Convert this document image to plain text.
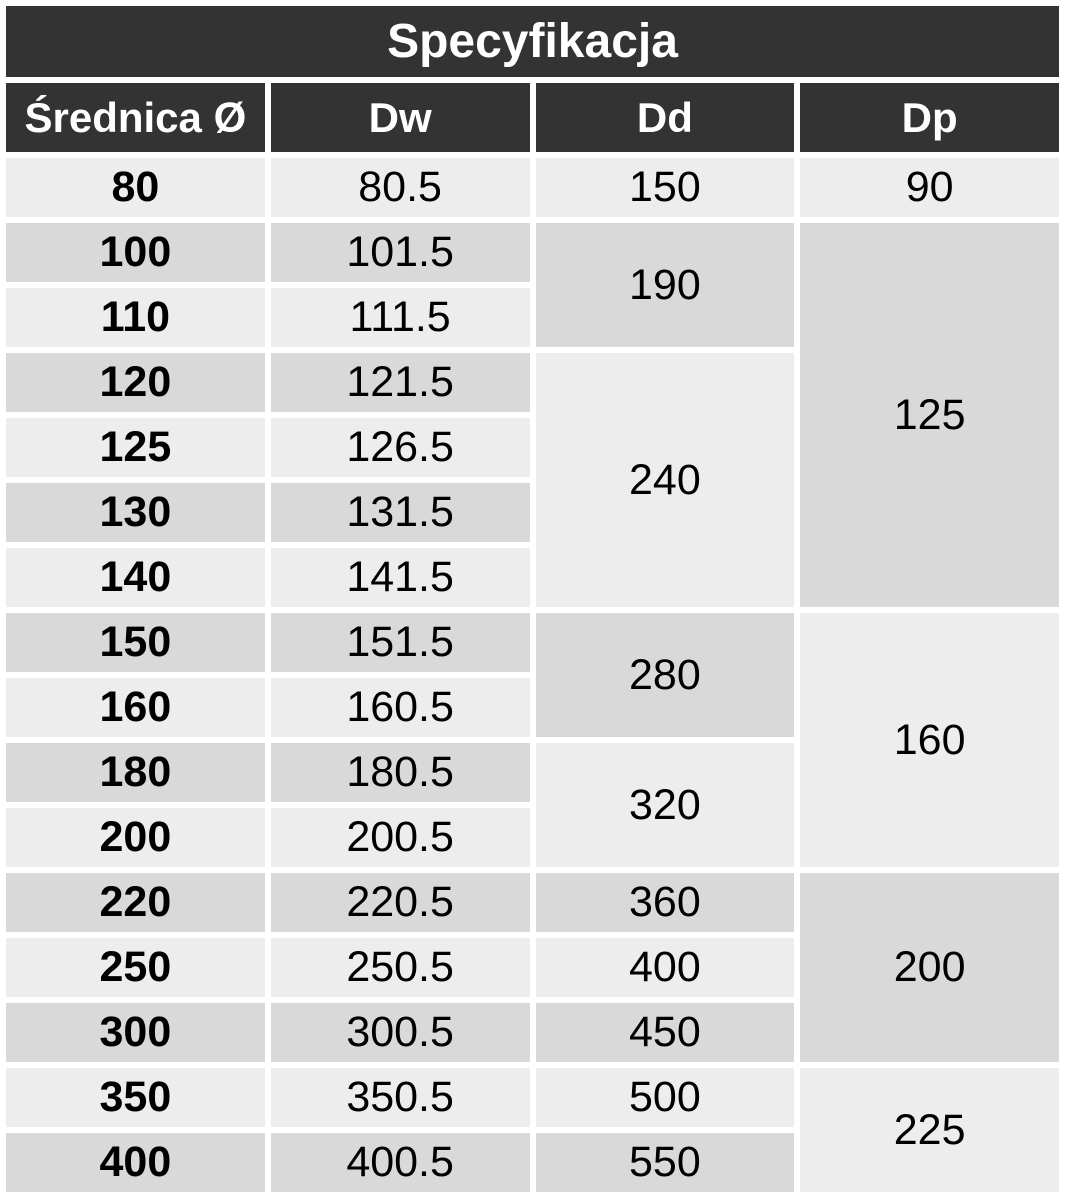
Specyfikacja			
Średnica Ø	Dw	Dd	Dp
80	80.5	150	90
100	101.5	190	125
110	111.5		
120	121.5	240	
125	126.5		
130	131.5		
140	141.5		
150	151.5	280	160
160	160.5		
180	180.5	320	
200	200.5		
220	220.5	360	200
250	250.5	400	
300	300.5	450	
350	350.5	500	225
400	400.5	550	
